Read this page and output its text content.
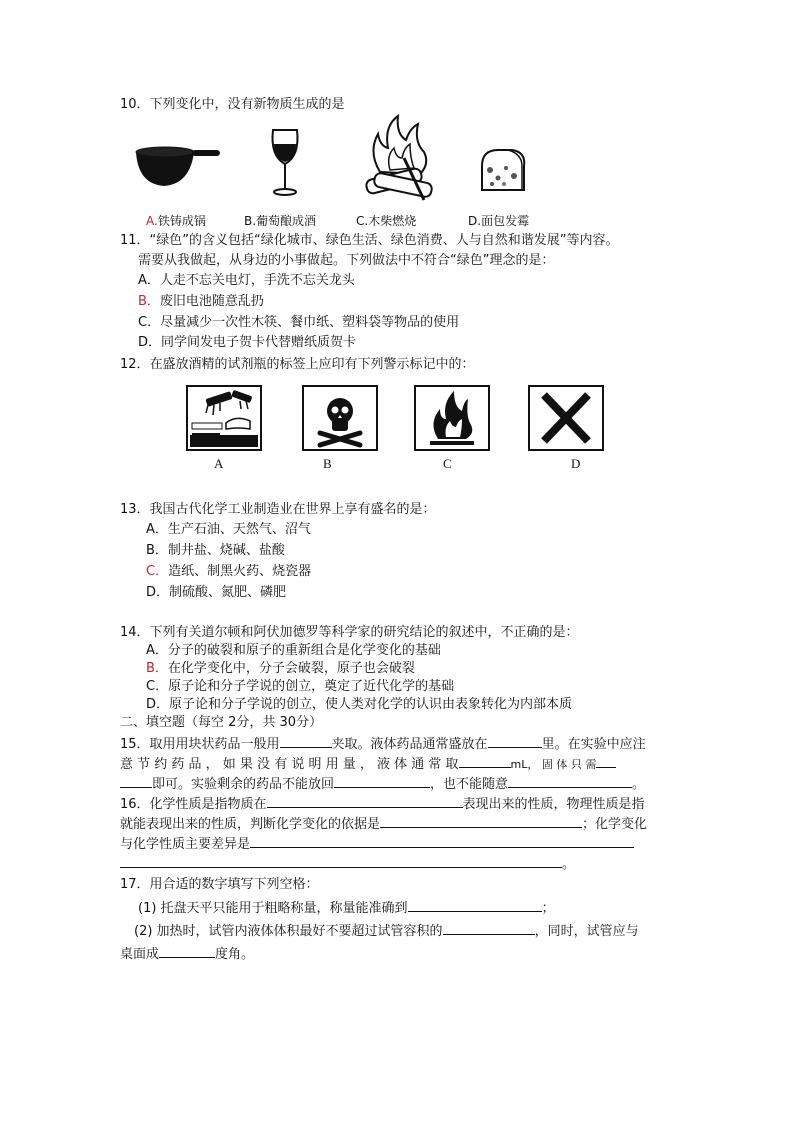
10．下列变化中，没有新物质生成的是
A.铁铸成锅	B.葡萄酿成酒	C.木柴燃烧	D.面包发霉
11．“绿色”的含义包括“绿化城市、绿色生活、绿色消费、人与自然和谐发展”等内容。
需要从我做起，从身边的小事做起。下列做法中不符合“绿色”理念的是：
A．人走不忘关电灯，手洗不忘关龙头
B．废旧电池随意乱扔
C．尽量减少一次性木筷、餐巾纸、塑料袋等物品的使用
D．同学间发电子贺卡代替赠纸质贺卡
12．在盛放酒精的试剂瓶的标签上应印有下列警示标记中的：
A	B	C	D
13．我国古代化学工业制造业在世界上享有盛名的是：
A．生产石油、天然气、沼气
B．制井盐、烧碱、盐酸
C．造纸、制黑火药、烧瓷器
D．制硫酸、氮肥、磷肥
14．下列有关道尔顿和阿伏加德罗等科学家的研究结论的叙述中，不正确的是：
A．分子的破裂和原子的重新组合是化学变化的基础
B．在化学变化中，分子会破裂，原子也会破裂
C．原子论和分子学说的创立，奠定了近代化学的基础
D．原子论和分子学说的创立，使人类对化学的认识由表象转化为内部本质
二、填空题（每空 2分，共 30分）
15．取用用块状药品一般用	夹取。液体药品通常盛放在	里。在实验中应注
意 节 约 药 品 ， 如 果 没 有 说 明 用 量 ， 液 体 通 常 取	mL， 固 体 只 需
即可。实验剩余的药品不能放回	，也不能随意	。
16．化学性质是指物质在	表现出来的性质，物理性质是指
就能表现出来的性质，判断化学变化的依据是	；化学变化
与化学性质主要差异是
。
17．用合适的数字填写下列空格：
(1) 托盘天平只能用于粗略称量，称量能准确到	；
(2) 加热时，试管内液体体积最好不要超过试管容积的	，同时，试管应与
桌面成	度角。
